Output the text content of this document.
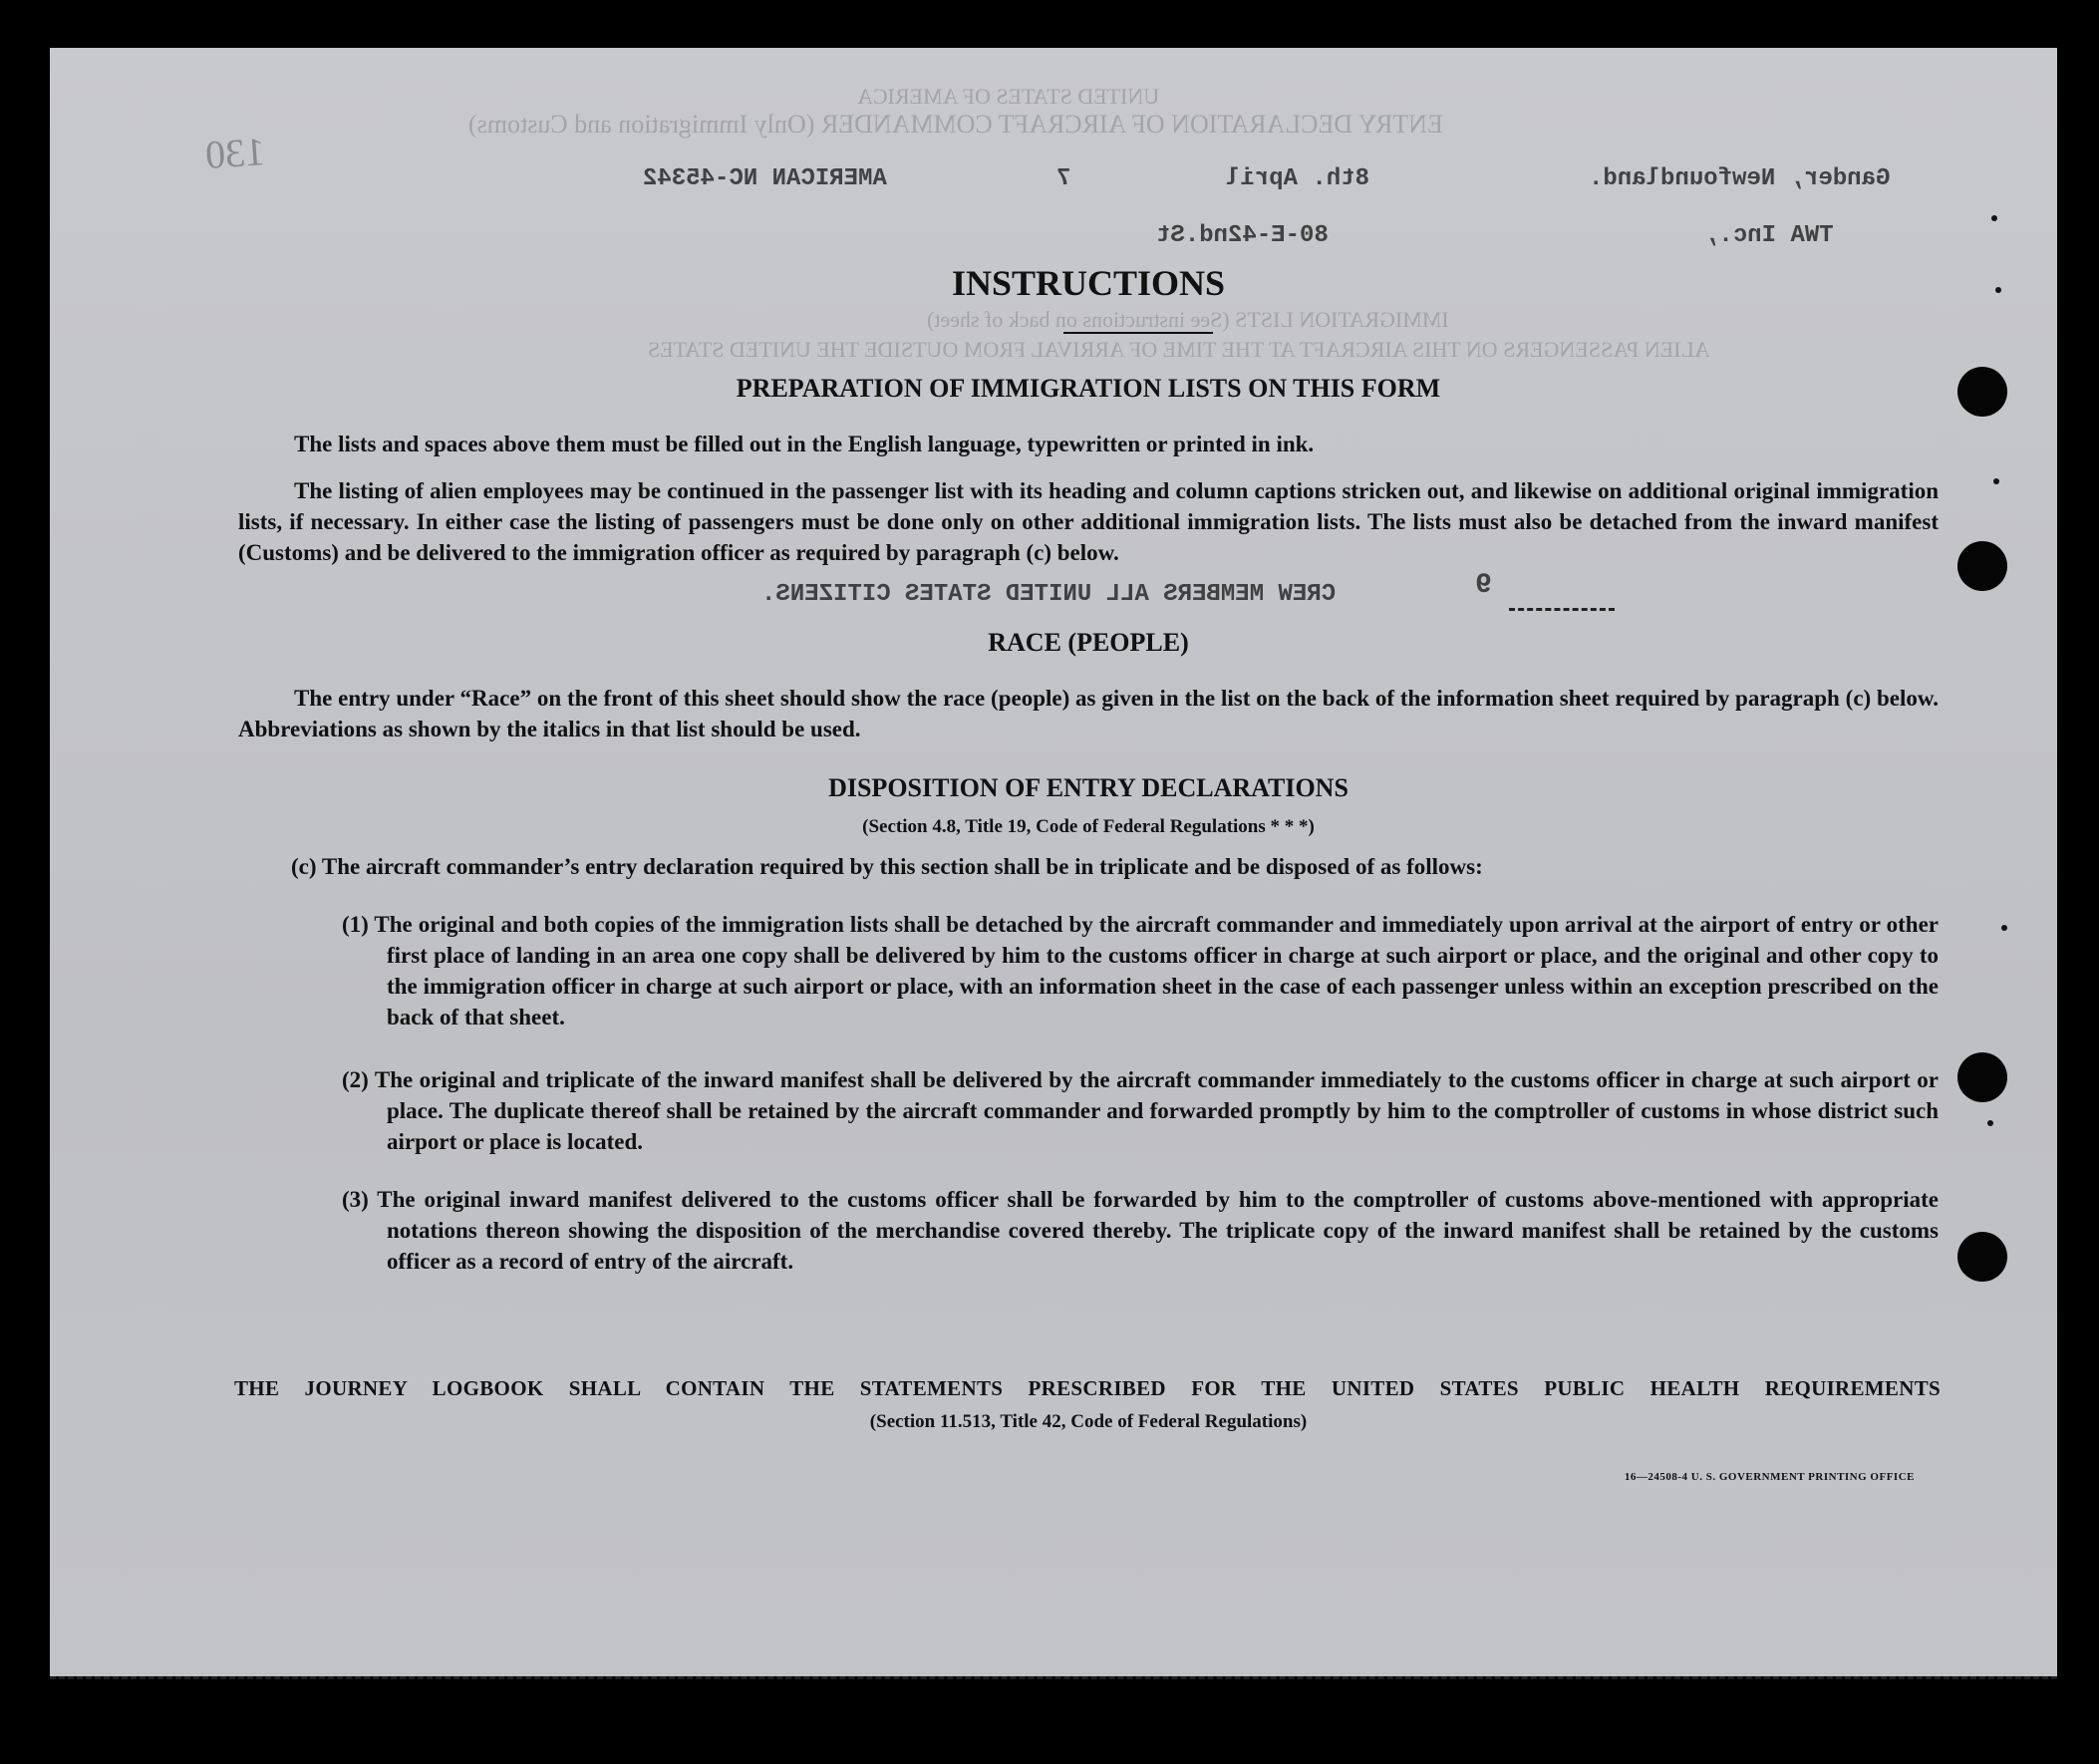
UNITED STATES OF AMERICA
ENTRY DECLARATION OF AIRCRAFT COMMANDER (Only Immigration and Customs)
IMMIGRATION LISTS (See instructions on back of sheet)
ALIEN PASSENGERS ON THIS AIRCRAFT AT THE TIME OF ARRIVAL FROM OUTSIDE THE UNITED STATES
130
Gander, Newfoundland.
8th. April
7
AMERICAN NC-45342
TWA Inc.,
80-E-42nd.St
CREW MEMBERS ALL UNITED STATES CITIZENS.	9
INSTRUCTIONS

PREPARATION OF IMMIGRATION LISTS ON THIS FORM

The lists and spaces above them must be filled out in the English language, typewritten or printed in ink.

The listing of alien employees may be continued in the passenger list with its heading and column captions stricken out, and likewise on additional original immigration lists, if necessary. In either case the listing of passengers must be done only on other additional immigration lists. The lists must also be detached from the inward manifest (Customs) and be delivered to the immigration officer as required by paragraph (c) below.

RACE (PEOPLE)

The entry under “Race” on the front of this sheet should show the race (people) as given in the list on the back of the information sheet required by paragraph (c) below. Abbreviations as shown by the italics in that list should be used.

DISPOSITION OF ENTRY DECLARATIONS

(Section 4.8, Title 19, Code of Federal Regulations * * *)

(c) The aircraft commander’s entry declaration required by this section shall be in triplicate and be disposed of as follows:

(1) The original and both copies of the immigration lists shall be detached by the aircraft commander and immediately upon arrival at the airport of entry or other first place of landing in an area one copy shall be delivered by him to the customs officer in charge at such airport or place, and the original and other copy to the immigration officer in charge at such airport or place, with an information sheet in the case of each passenger unless within an exception prescribed on the back of that sheet.

(2) The original and triplicate of the inward manifest shall be delivered by the aircraft commander immediately to the customs officer in charge at such airport or place. The duplicate thereof shall be retained by the aircraft commander and forwarded promptly by him to the comptroller of customs in whose district such airport or place is located.

(3) The original inward manifest delivered to the customs officer shall be forwarded by him to the comptroller of customs above-mentioned with appropriate notations thereon showing the disposition of the merchandise covered thereby. The triplicate copy of the inward manifest shall be retained by the customs officer as a record of entry of the aircraft.

THE JOURNEY LOGBOOK SHALL CONTAIN THE STATEMENTS PRESCRIBED FOR THE UNITED STATES PUBLIC HEALTH REQUIREMENTS

(Section 11.513, Title 42, Code of Federal Regulations)

16—24508-4 U. S. GOVERNMENT PRINTING OFFICE
